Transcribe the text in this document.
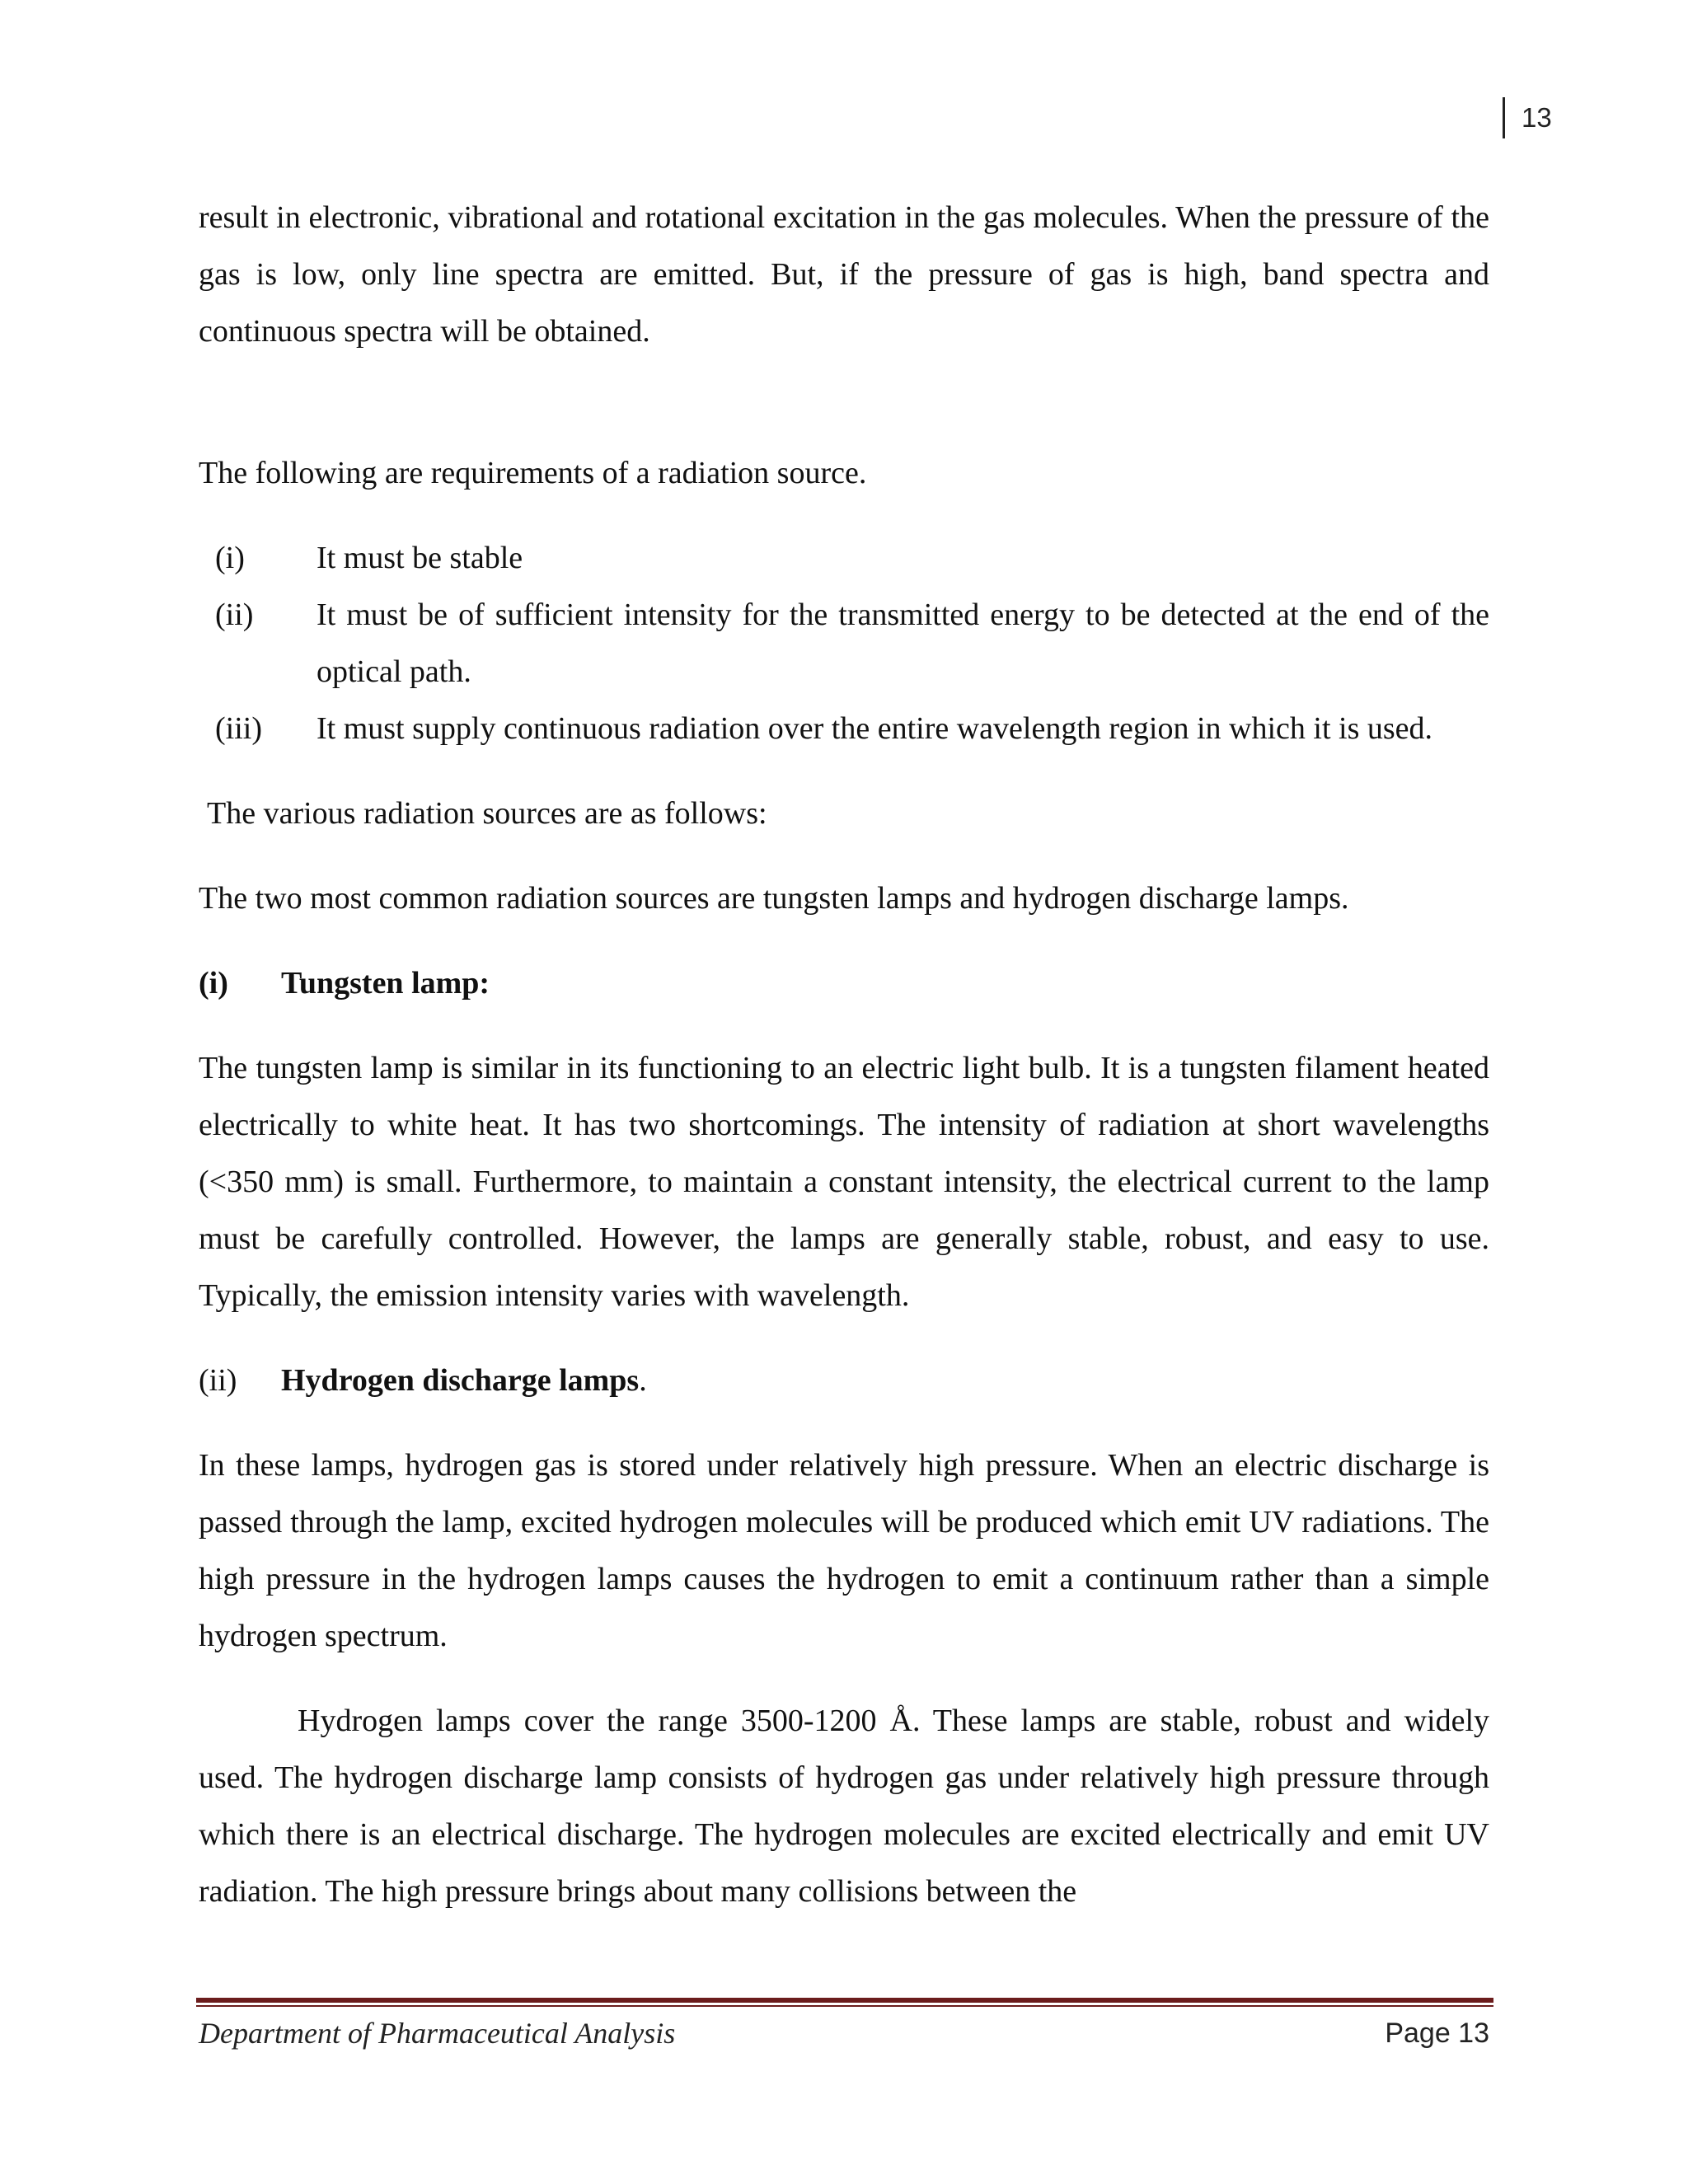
13

result in electronic, vibrational and rotational excitation in the gas molecules. When the pressure of the gas is low, only line spectra are emitted. But, if the pressure of gas is high, band spectra and continuous spectra will be obtained.

The following are requirements of a radiation source.

(i)	It must be stable
(ii)	It must be of sufficient intensity for the transmitted energy to be detected at the end of the optical path.
(iii)	It must supply continuous radiation over the entire wavelength region in which it is used.

The various radiation sources are as follows:

The two most common radiation sources are tungsten lamps and hydrogen discharge lamps.

(i)	Tungsten lamp:

The tungsten lamp is similar in its functioning to an electric light bulb. It is a tungsten filament heated electrically to white heat. It has two shortcomings. The intensity of radiation at short wavelengths (<350 mm) is small. Furthermore, to maintain a constant intensity, the electrical current to the lamp must be carefully controlled. However, the lamps are generally stable, robust, and easy to use. Typically, the emission intensity varies with wavelength.

(ii)	Hydrogen discharge lamps.

In these lamps, hydrogen gas is stored under relatively high pressure. When an electric discharge is passed through the lamp, excited hydrogen molecules will be produced which emit UV radiations. The high pressure in the hydrogen lamps causes the hydrogen to emit a continuum rather than a simple hydrogen spectrum.

Hydrogen lamps cover the range 3500-1200 Å. These lamps are stable, robust and widely used. The hydrogen discharge lamp consists of hydrogen gas under relatively high pressure through which there is an electrical discharge. The hydrogen molecules are excited electrically and emit UV radiation. The high pressure brings about many collisions between the

Department of Pharmaceutical Analysis	Page 13
